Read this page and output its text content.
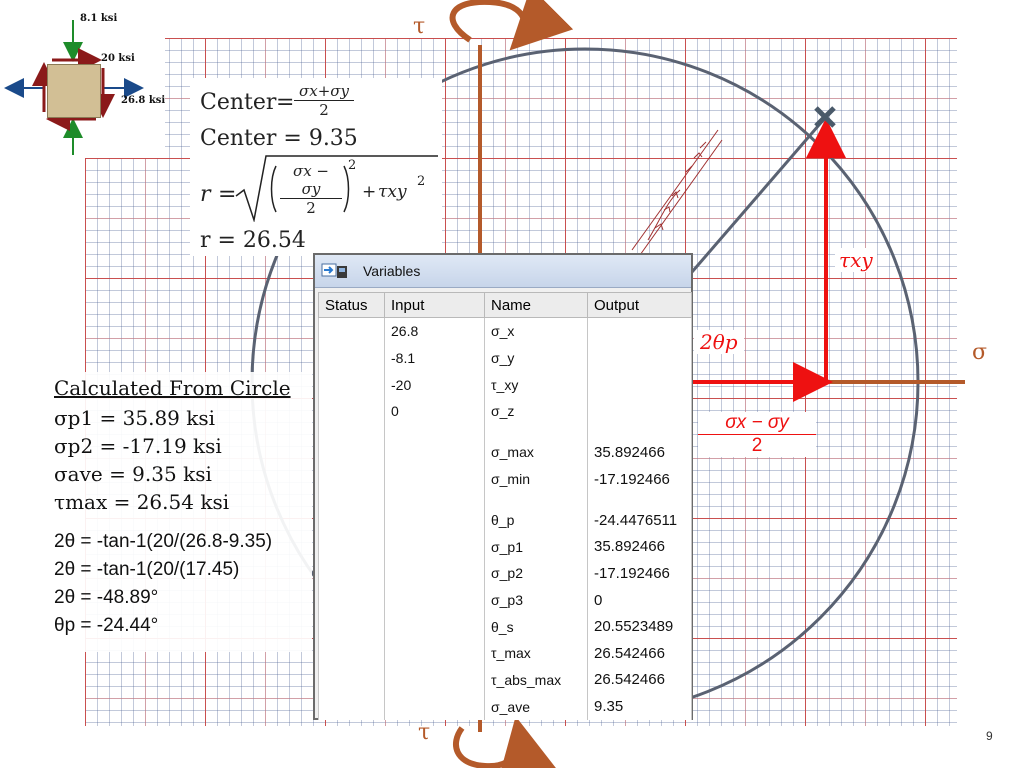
8.1 ksi
20 ksi
26.8 ksi
τ
τ
σ
Center = $\frac{\sigma x+\sigma y}{2}$
Center = 9.35
r =	$\frac{\sigma x - \sigma y}{2} 2$
+ τxy
2
r = 26.54
τxy
2θp
$\frac{\sigma x - \sigma y}{2}$
Calculated From Circle
σp1 = 35.89 ksi
σp2 = -17.19 ksi
σave = 9.35 ksi
τmax = 26.54 ksi
2θ = -tan-1(20/(26.8-9.35)
2θ = -tan-1(20/(17.45)
2θ = -48.89°
θp = -24.44°
Variables
Status	Input	Name	Output
	26.8	σ_x	
	-8.1	σ_y	
	-20	τ_xy	
	0	σ_z	

		σ_max	35.892466
		σ_min	-17.192466

		θ_p	-24.4476511
		σ_p1	35.892466
		σ_p2	-17.192466
		σ_p3	0
		θ_s	20.5523489
		τ_max	26.542466
		τ_abs_max	26.542466
		σ_ave	9.35
9
